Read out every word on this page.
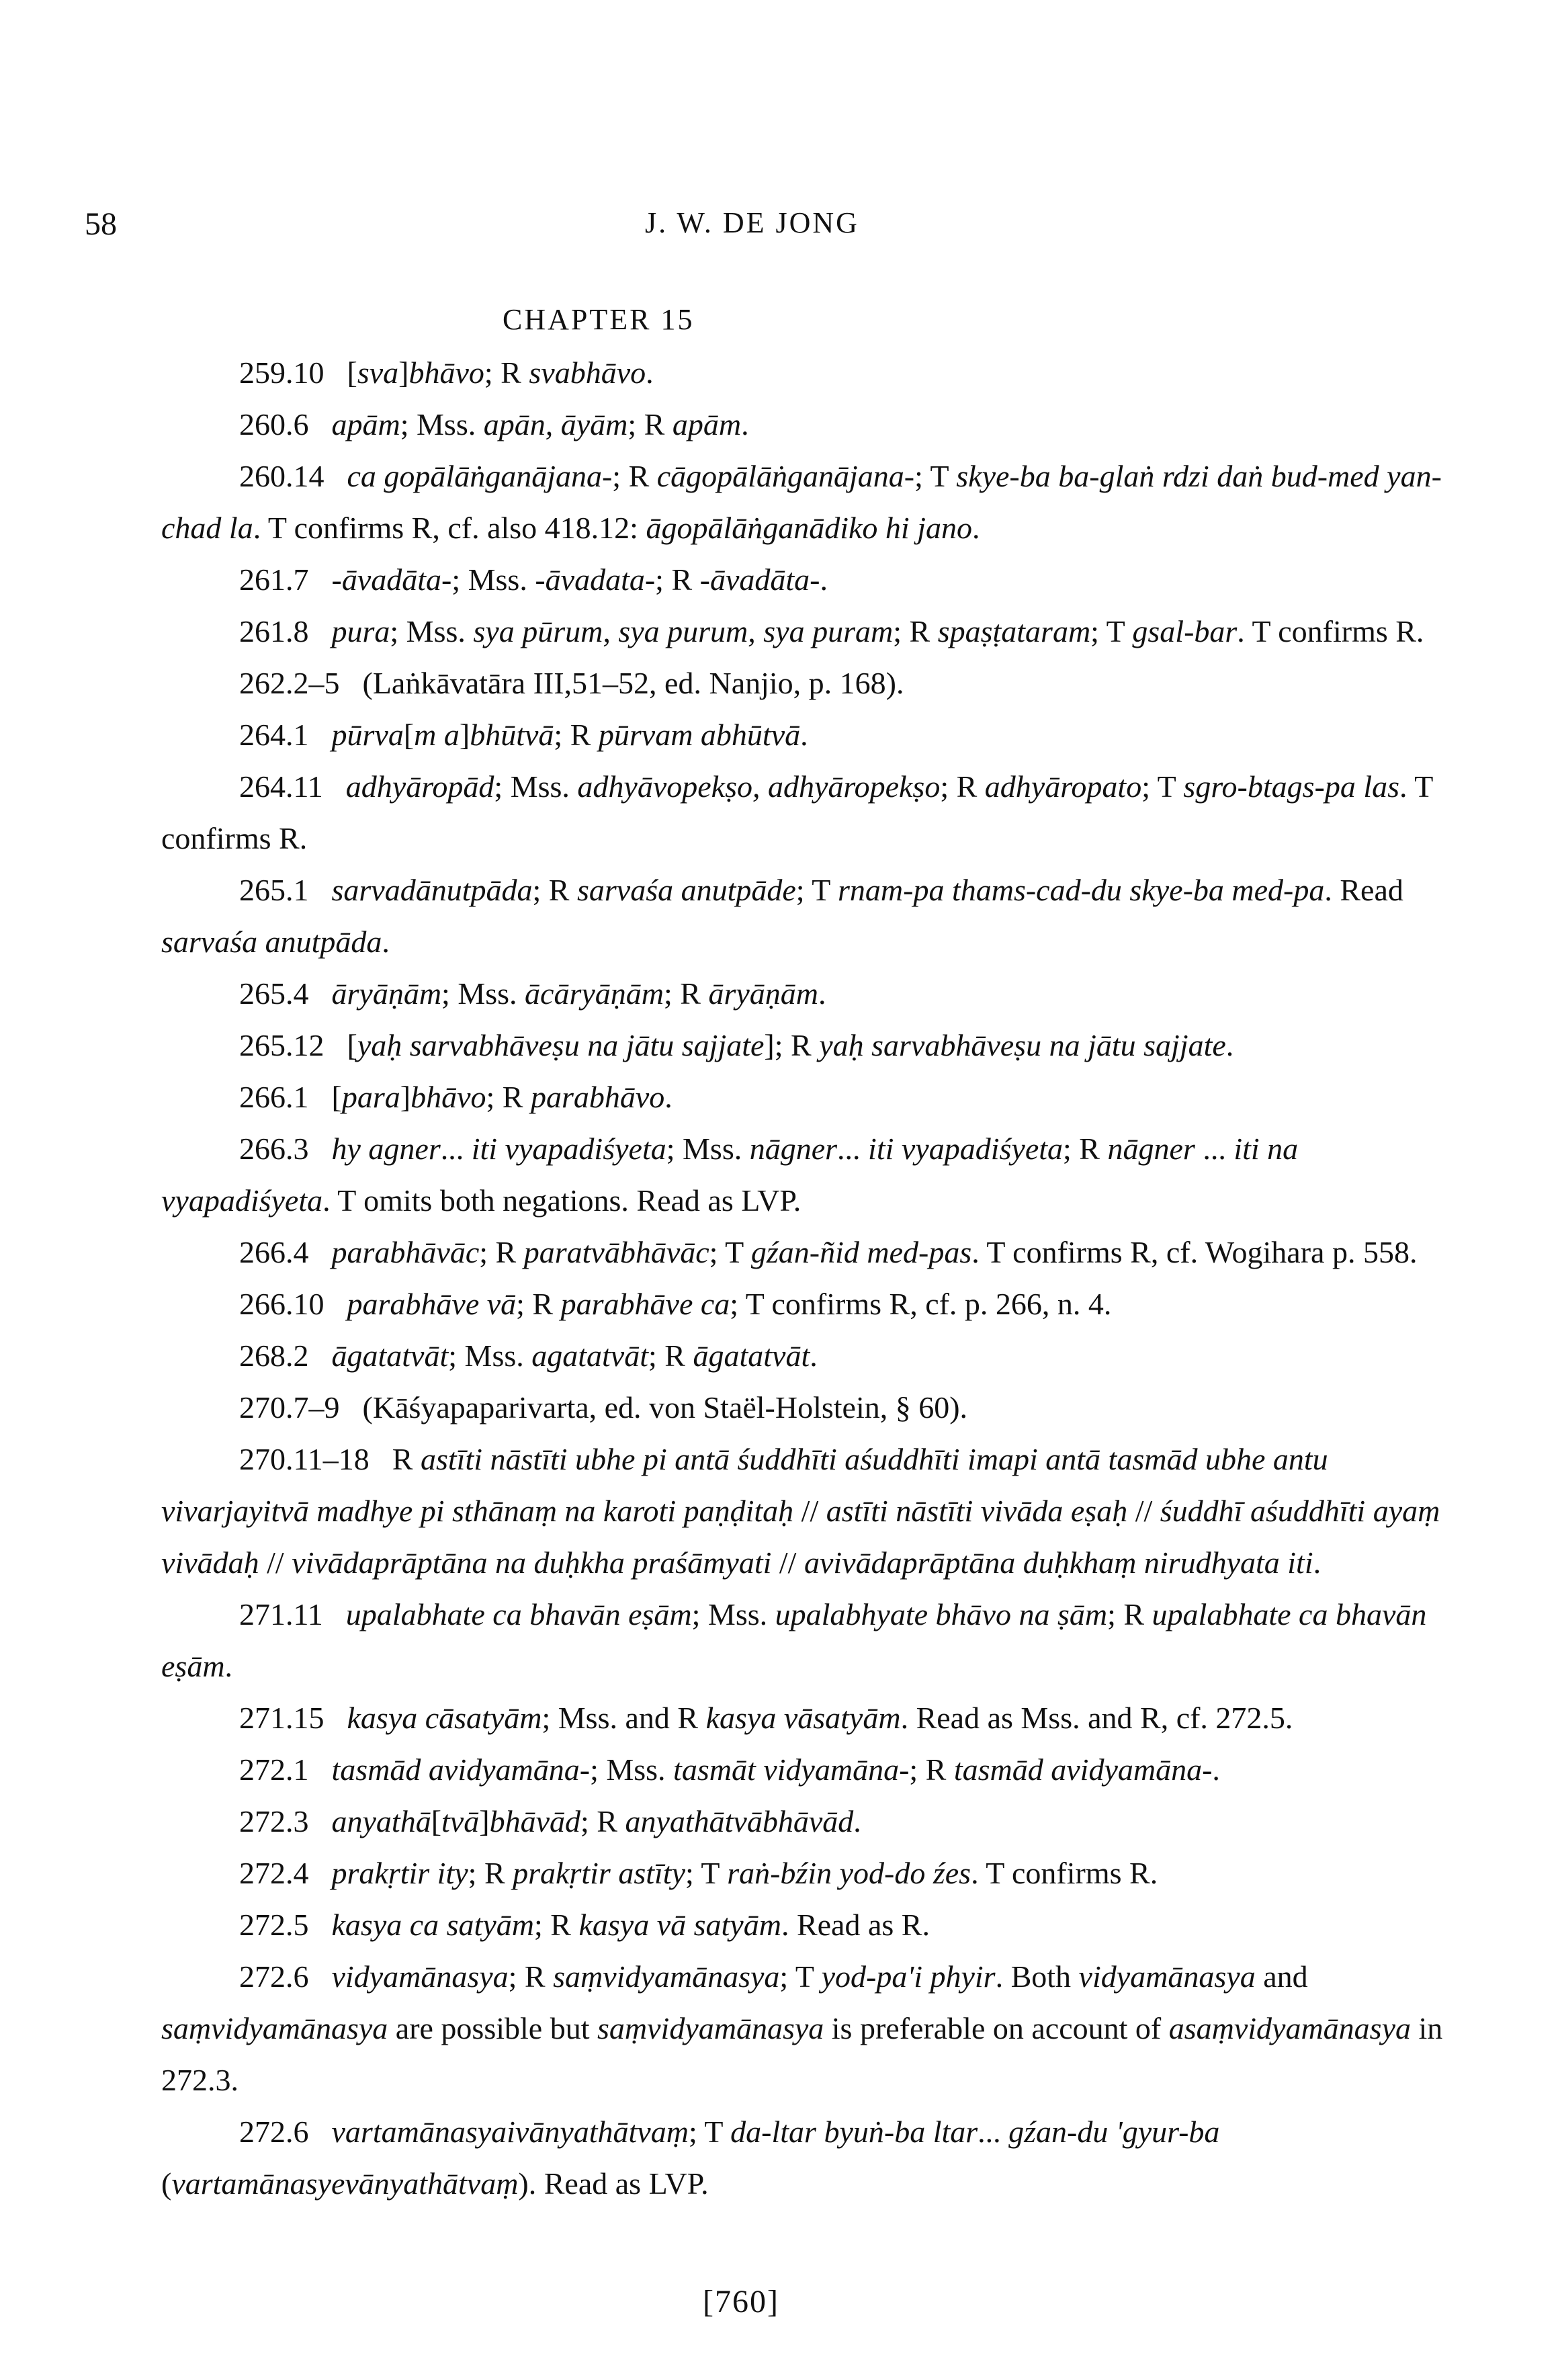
58	J. W. DE JONG
CHAPTER 15

259.10 [sva]bhāvo; R svabhāvo.

260.6 apām; Mss. apān, āyām; R apām.

260.14 ca gopālāṅganājana-; R cāgopālāṅganājana-; T skye-ba ba-glaṅ rdzi daṅ bud-med yan-chad la. T confirms R, cf. also 418.12: āgopālāṅganādiko hi jano.

261.7 -āvadāta-; Mss. -āvadata-; R -āvadāta-.

261.8 pura; Mss. sya pūrum, sya purum, sya puram; R spaṣṭataram; T gsal-bar. T confirms R.

262.2–5 (Laṅkāvatāra III,51–52, ed. Nanjio, p. 168).

264.1 pūrva[m a]bhūtvā; R pūrvam abhūtvā.

264.11 adhyāropād; Mss. adhyāvopekṣo, adhyāropekṣo; R adhyāropato; T sgro-btags-pa las. T confirms R.

265.1 sarvadānutpāda; R sarvaśa anutpāde; T rnam-pa thams-cad-du skye-ba med-pa. Read sarvaśa anutpāda.

265.4 āryāṇām; Mss. ācāryāṇām; R āryāṇām.

265.12 [yaḥ sarvabhāveṣu na jātu sajjate]; R yaḥ sarvabhāveṣu na jātu sajjate.

266.1 [para]bhāvo; R parabhāvo.

266.3 hy agner... iti vyapadiśyeta; Mss. nāgner... iti vyapadiśyeta; R nāgner ... iti na vyapadiśyeta. T omits both negations. Read as LVP.

266.4 parabhāvāc; R paratvābhāvāc; T gźan-ñid med-pas. T confirms R, cf. Wogihara p. 558.

266.10 parabhāve vā; R parabhāve ca; T confirms R, cf. p. 266, n. 4.

268.2 āgatatvāt; Mss. agatatvāt; R āgatatvāt.

270.7–9 (Kāśyapaparivarta, ed. von Staël-Holstein, § 60).

270.11–18 R astīti nāstīti ubhe pi antā śuddhīti aśuddhīti imapi antā tasmād ubhe antu vivarjayitvā madhye pi sthānaṃ na karoti paṇḍitaḥ // astīti nāstīti vivāda eṣaḥ // śuddhī aśuddhīti ayaṃ vivādaḥ // vivādaprāptāna na duḥkha praśāmyati // avivādaprāptāna duḥkhaṃ nirudhyata iti.

271.11 upalabhate ca bhavān eṣām; Mss. upalabhyate bhāvo na ṣām; R upalabhate ca bhavān eṣām.

271.15 kasya cāsatyām; Mss. and R kasya vāsatyām. Read as Mss. and R, cf. 272.5.

272.1 tasmād avidyamāna-; Mss. tasmāt vidyamāna-; R tasmād avidyamāna-.

272.3 anyathā[tvā]bhāvād; R anyathātvābhāvād.

272.4 prakṛtir ity; R prakṛtir astīty; T raṅ-bźin yod-do źes. T confirms R.

272.5 kasya ca satyām; R kasya vā satyām. Read as R.

272.6 vidyamānasya; R saṃvidyamānasya; T yod-pa'i phyir. Both vidyamānasya and saṃvidyamānasya are possible but saṃvidyamānasya is preferable on account of asaṃvidyamānasya in 272.3.

272.6 vartamānasyaivānyathātvaṃ; T da-ltar byuṅ-ba ltar... gźan-du 'gyur-ba (vartamānasyevānyathātvaṃ). Read as LVP.

[760]
